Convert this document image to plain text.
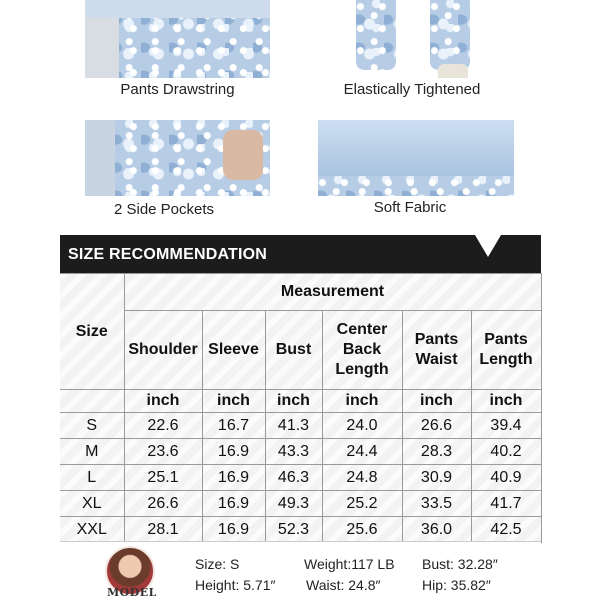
Pants Drawstring	Elastically Tightened
2 Side Pockets	Soft Fabric
SIZE RECOMMENDATION
Size	Measurement					
	Shoulder	Sleeve	Bust	Center Back Length	Pants Waist	Pants Length
	inch	inch	inch	inch	inch	inch
S	22.6	16.7	41.3	24.0	26.6	39.4
M	23.6	16.9	43.3	24.4	28.3	40.2
L	25.1	16.9	46.3	24.8	30.9	40.9
XL	26.6	16.9	49.3	25.2	33.5	41.7
XXL	28.1	16.9	52.3	25.6	36.0	42.5
MODEL
Size: S
Height: 5.71″
Weight:117 LB
Waist: 24.8″
Bust: 32.28″
Hip: 35.82″
